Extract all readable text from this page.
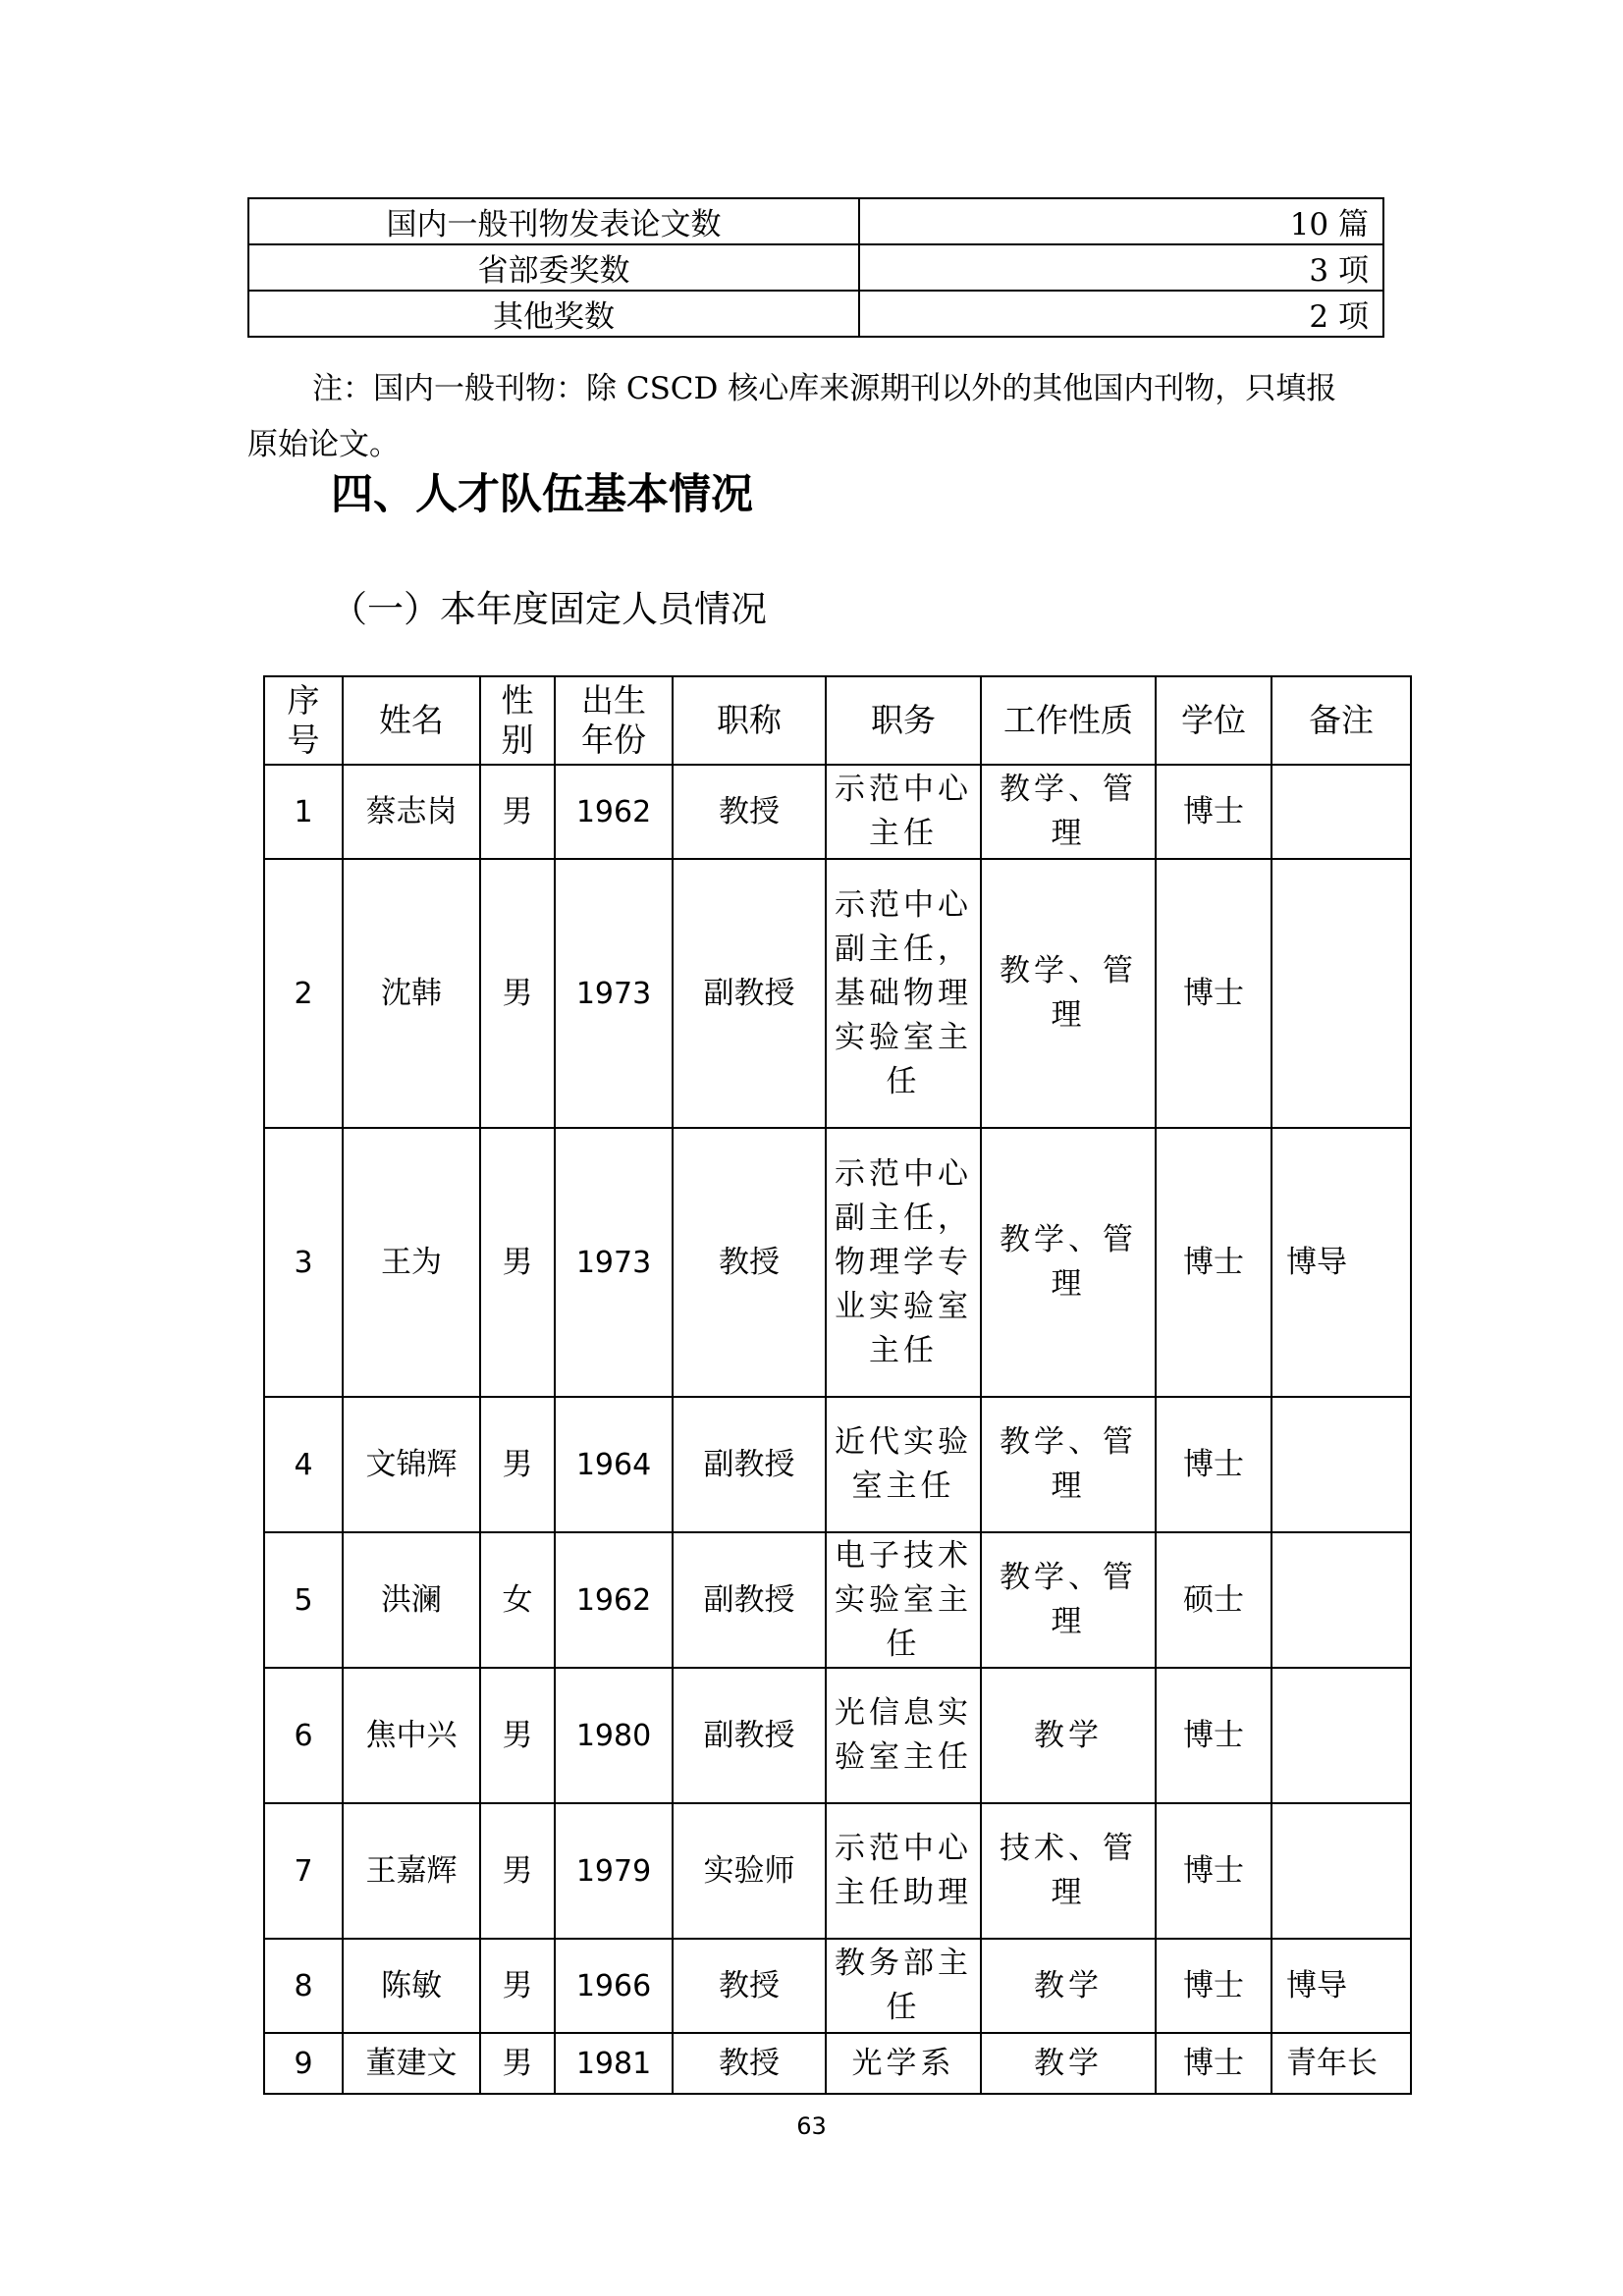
国内一般刊物发表论文数	10 篇
省部委奖数	3 项
其他奖数	2 项
注：国内一般刊物：除 CSCD 核心库来源期刊以外的其他国内刊物，只填报
原始论文。
四、人才队伍基本情况
（一）本年度固定人员情况
序号	姓名	性别	出生年份	职称	职务	工作性质	学位	备注
1	蔡志岗	男	1962	教授	示范中心主任	教学、管理	博士	
2	沈韩	男	1973	副教授	示范中心副主任，基础物理实验室主任	教学、管理	博士	
3	王为	男	1973	教授	示范中心副主任，物理学专业实验室主任	教学、管理	博士	博导
4	文锦辉	男	1964	副教授	近代实验室主任	教学、管理	博士	
5	洪澜	女	1962	副教授	电子技术实验室主任	教学、管理	硕士	
6	焦中兴	男	1980	副教授	光信息实验室主任	教学	博士	
7	王嘉辉	男	1979	实验师	示范中心主任助理	技术、管理	博士	
8	陈敏	男	1966	教授	教务部主任	教学	博士	博导
9	董建文	男	1981	教授	光学系	教学	博士	青年长
63
